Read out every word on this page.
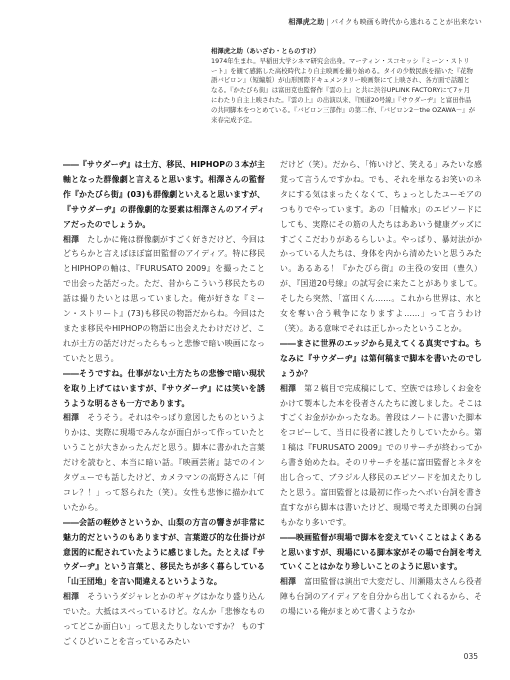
相澤虎之助 | パイクも映画も時代から逃れることが出来ない

相澤虎之助（あいざわ・とらのすけ）

1974年生まれ。早稲田大学シネマ研究会出身。マーティン・スコセッシ『ミーン・ストリート』を観て感銘した高校時代より自主映画を撮り始める。タイの少数民族を描いた『花物語バビロン』（短編版）が山形国際ドキュメンタリー映画祭にて上映され、各方面で話題となる。『かたびら街』は富田克也監督作『雲の上』と共に渋谷UPLINK FACTORYにて7ヶ月にわたり自主上映された。『雲の上』の出演以来、『国道20号線』『サウダーヂ』と富田作品の共同脚本をつとめている。『バビロン三部作』の第二作、『バビロン2－the OZAWA－』が来春完成予定。

――『サウダーヂ』は土方、移民、HIPHOPの３本が主軸となった群像劇と言えると思います。相澤さんの監督作『かたびら街』(03)も群像劇といえると思いますが、『サウダーヂ』の群像劇的な要素は相澤さんのアイディアだったのでしょうか。

相澤　 たしかに俺は群像劇がすごく好きだけど、今回はどちらかと言えばほぼ富田監督のアイディア。特に移民とHIPHOPの軸は、『FURUSATO 2009』を撮ったことで出会った話だった。ただ、昔からこういう移民たちの話は撮りたいとは思っていました。俺が好きな『ミーン・ストリート』(73)も移民の物語だからね。今回はたまたま移民やHIPHOPの物語に出会えたわけだけど、これが土方の話だけだったらもっと悲惨で暗い映画になっていたと思う。

――そうですね。仕事がない土方たちの悲惨で暗い現状を取り上げてはいますが、『サウダーヂ』には笑いを誘うような明るさも一方であります。

相澤　 そうそう。それはやっぱり意図したものというよりかは、実際に現場でみんなが面白がって作っていたということが大きかったんだと思う。脚本に書かれた言葉だけを読むと、本当に暗い話。『映画芸術』誌でのインタヴューでも話したけど、カメラマンの高野さんに「何コレ？！」って怒られた（笑）。女性も悲惨に描かれていたから。

――会話の軽妙さというか、山梨の方言の響きが非常に魅力的だというのもありますが、言葉遊び的な仕掛けが意図的に配されていたように感じました。たとえば『サウダーヂ』という言葉と、移民たちが多く暮らしている「山王団地」を言い間違えるというような。

相澤　 そういうダジャレとかのギャグはかなり盛り込んでいた。大抵はスベっているけど。なんか「悲惨なものってどこか面白い」って思えたりしないですか？ ものすごくひどいことを言っているみたい

だけど（笑）。だから、「怖いけど、笑える」みたいな感覚って言うんですかね。でも、それを単なるお笑いのネタにする気はまったくなくて、ちょっとしたユーモアのつもりでやっています。あの「日輪水」のエピソードにしても、実際にその筋の人たちはああいう健康グッズにすごくこだわりがあるらしいよ。やっぱり、暴対法がかかっている人たちは、身体を内から清めたいと思うみたい。あるある！『かたびら街』の主役の安田（豊久）が、『国道20号線』の試写会に来たことがありまして。そしたら突然、「富田くん……。これから世界は、水と女を奪い合う戦争になりますよ……」って言うわけ（笑）。ある意味でそれは正しかったということか。

――まさに世界のエッジから見えてくる真実ですね。ちなみに『サウダーヂ』は第何稿まで脚本を書いたのでしょうか？

相澤　 第２稿目で完成稿にして、空族では珍しくお金をかけて製本した本を役者さんたちに渡しました。そこはすごくお金がかかったなあ。普段はノートに書いた脚本をコピーして、当日に役者に渡したりしていたから。第１稿は『FURUSATO 2009』でのリサーチが終わってから書き始めたね。そのリサーチを基に富田監督とネタを出し合って、ブラジル人移民のエピソードを加えたりしたと思う。富田監督とは最初に作ったへボい台詞を書き直すながら脚本は書いたけど、現場で考えた即興の台詞もかなり多いです。

――映画監督が現場で脚本を変えていくことはよくあると思いますが、現場にいる脚本家がその場で台詞を考えていくことはかなり珍しいことのように思います。

相澤　 富田監督は演出で大変だし、川瀬陽太さんら役者陣も台詞のアイディアを自分から出してくれるから、その場にいる俺がまとめて書くようなか

035
